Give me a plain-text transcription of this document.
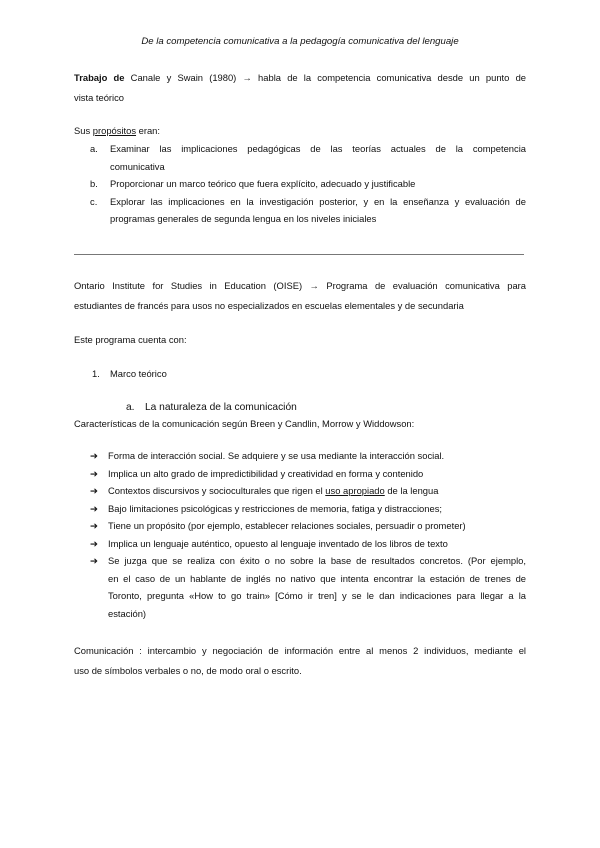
De la competencia comunicativa a la pedagogía comunicativa del lenguaje
Trabajo de Canale y Swain (1980) → habla de la competencia comunicativa desde un punto de
vista teórico
Sus propósitos eran:
a. Examinar las implicaciones pedagógicas de las teorías actuales de la competencia
comunicativa
b. Proporcionar un marco teórico que fuera explícito, adecuado y justificable
c. Explorar las implicaciones en la investigación posterior, y en la enseñanza y evaluación de
programas generales de segunda lengua en los niveles iniciales
Ontario Institute for Studies in Education (OISE) → Programa de evaluación comunicativa para
estudiantes de francés para usos no especializados en escuelas elementales y de secundaria
Este programa cuenta con:
1. Marco teórico
a. La naturaleza de la comunicación
Características de la comunicación según Breen y Candlin, Morrow y Widdowson:
➔ Forma de interacción social. Se adquiere y se usa mediante la interacción social.
➔ Implica un alto grado de impredictibilidad y creatividad en forma y contenido
➔ Contextos discursivos y socioculturales que rigen el uso apropiado de la lengua
➔ Bajo limitaciones psicológicas y restricciones de memoria, fatiga y distracciones;
➔ Tiene un propósito (por ejemplo, establecer relaciones sociales, persuadir o prometer)
➔ Implica un lenguaje auténtico, opuesto al lenguaje inventado de los libros de texto
➔ Se juzga que se realiza con éxito o no sobre la base de resultados concretos. (Por ejemplo,
en el caso de un hablante de inglés no nativo que intenta encontrar la estación de trenes de
Toronto, pregunta «How to go train» [Cómo ir tren] y se le dan indicaciones para llegar a la
estación)
Comunicación : intercambio y negociación de información entre al menos 2 individuos, mediante el
uso de símbolos verbales o no, de modo oral o escrito.
